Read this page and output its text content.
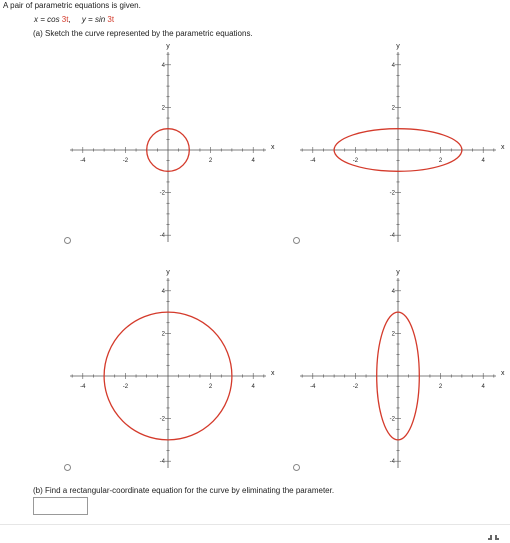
A pair of parametric equations is given.
x = cos 3t, y = sin 3t
(a) Sketch the curve represented by the parametric equations.
-4
-4
-2
-2
2
2
4
4
x
y
-4
-4
-2
-2
2
2
4
4
x
y
-4
-4
-2
-2
2
2
4
4
x
y
-4
-4
-2
-2
2
2
4
4
x
y
(b) Find a rectangular-coordinate equation for the curve by eliminating the parameter.
